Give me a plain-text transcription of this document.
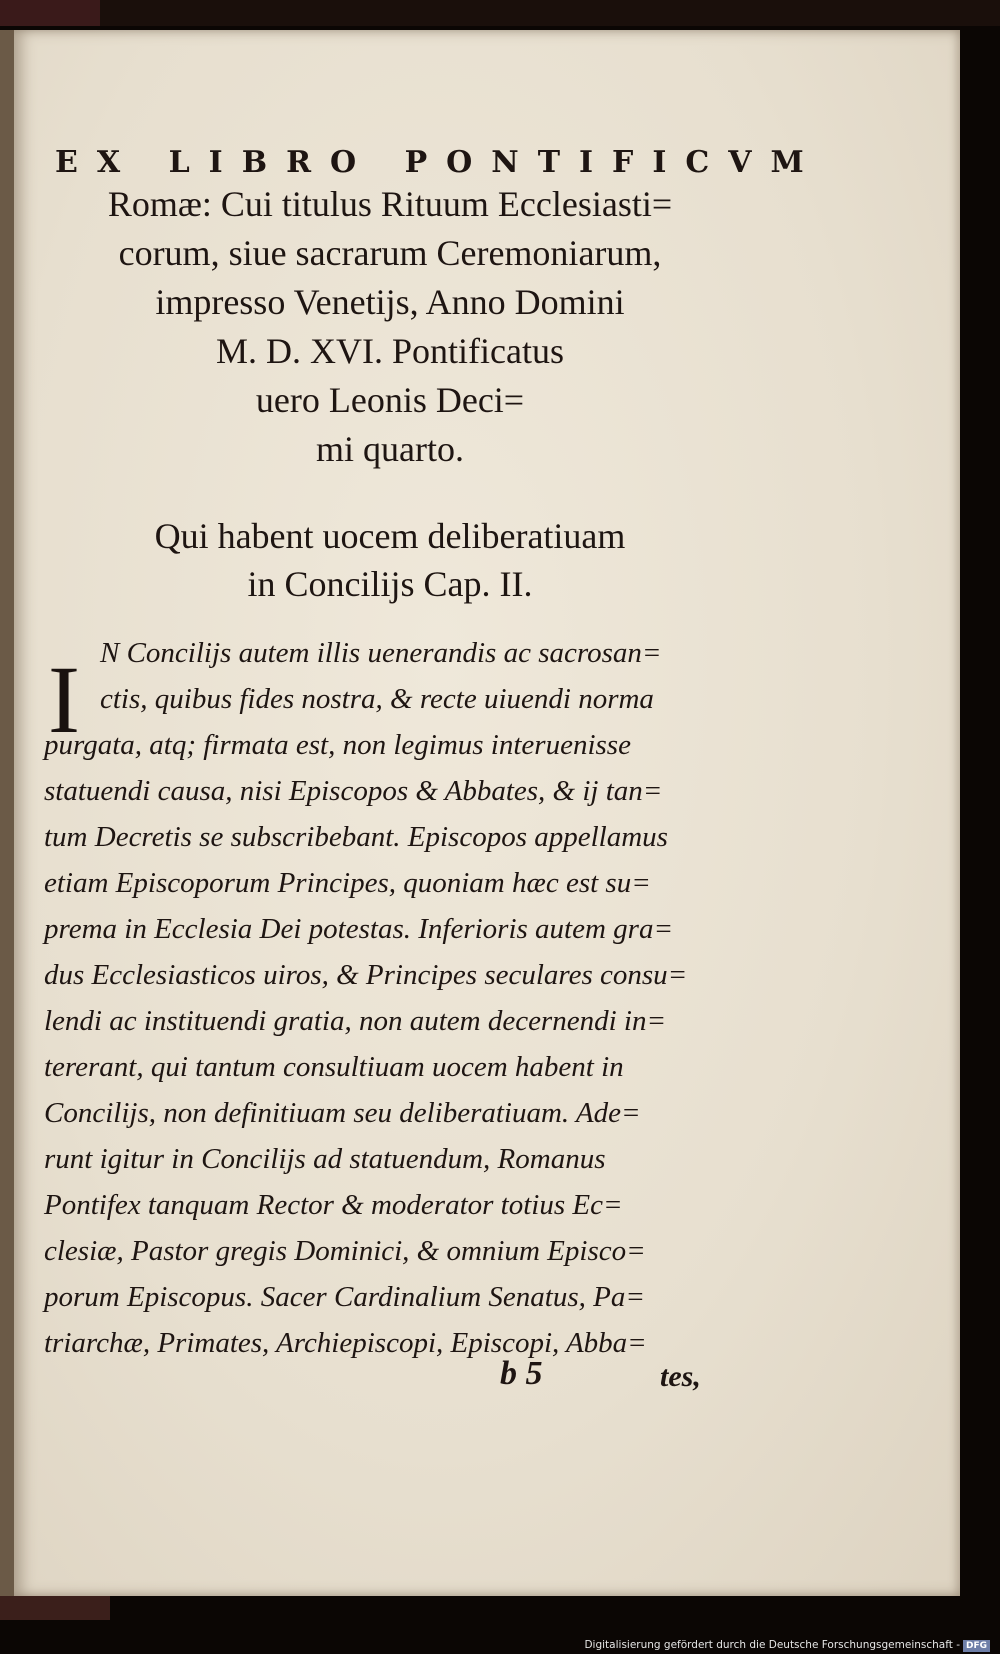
EX LIBRO PONTIFICVM
Romæ: Cui titulus Rituum Ecclesiasti=
corum, siue sacrarum Ceremoniarum,
impresso Venetijs, Anno Domini
M. D. XVI. Pontificatus
uero Leonis Deci=
mi quarto.
Qui habent uocem deliberatiuam
in Concilijs Cap. II.
I N Concilijs autem illis uenerandis ac sacrosan=
ctis, quibus fides nostra, & recte uiuendi norma
purgata, atq; firmata est, non legimus interuenisse
statuendi causa, nisi Episcopos & Abbates, & ij tan=
tum Decretis se subscribebant. Episcopos appellamus
etiam Episcoporum Principes, quoniam hæc est su=
prema in Ecclesia Dei potestas. Inferioris autem gra=
dus Ecclesiasticos uiros, & Principes seculares consu=
lendi ac instituendi gratia, non autem decernendi in=
tererant, qui tantum consultiuam uocem habent in
Concilijs, non definitiuam seu deliberatiuam. Ade=
runt igitur in Concilijs ad statuendum, Romanus
Pontifex tanquam Rector & moderator totius Ec=
clesiæ, Pastor gregis Dominici, & omnium Episco=
porum Episcopus. Sacer Cardinalium Senatus, Pa=
triarchæ, Primates, Archiepiscopi, Episcopi, Abba=
b 5	tes,
Digitalisierung gefördert durch die Deutsche Forschungsgemeinschaft - DFG
